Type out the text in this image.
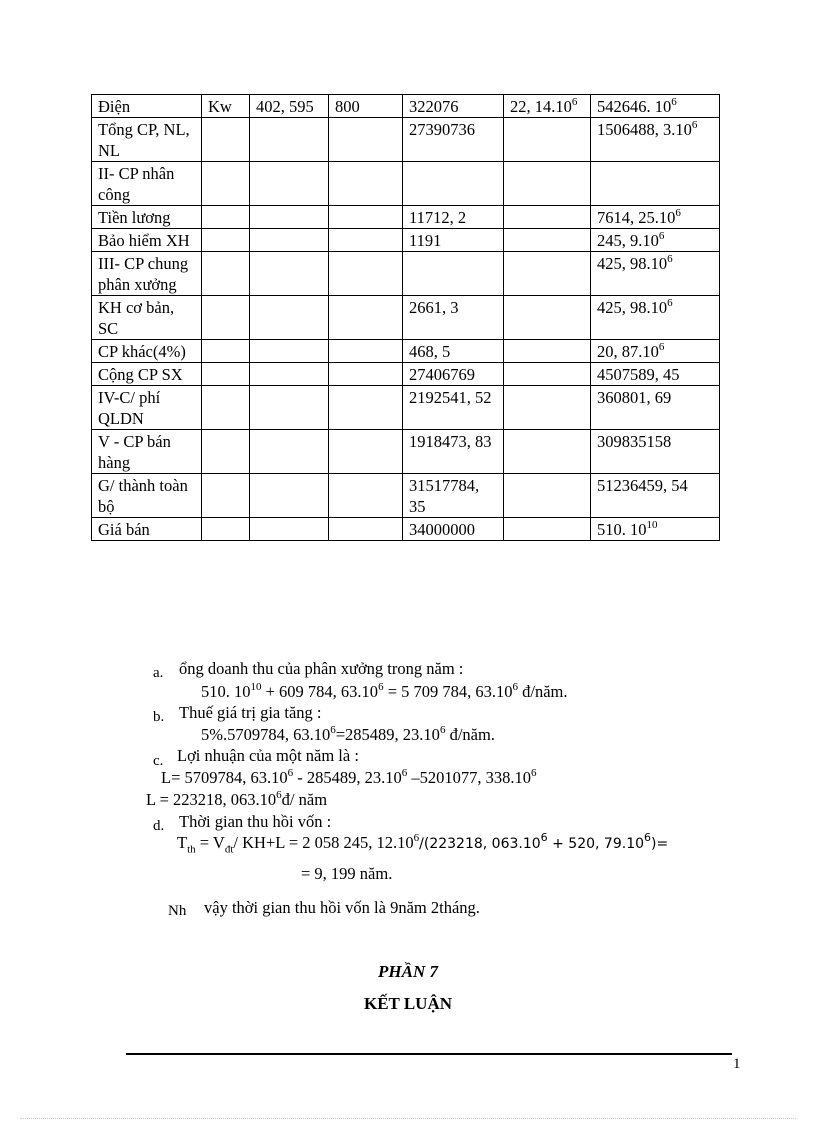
Điện	Kw	402, 595	800	322076	22, 14.10$^6$	542646. $10^6$
Tổng CP, NL, NL				27390736		1506488, 3.10$^6$
II- CP nhân công						
Tiền lương				11712, 2		7614, 25.10$^6$
Bảo hiểm XH				1191		245, 9.10$^6$
III- CP chung phân xưởng						425, 98.10$^6$
KH cơ bản, SC				2661, 3		425, 98.10$^6$
CP khác(4%)				468, 5		20, 87.10$^6$
Cộng CP SX				27406769		4507589, 45
IV-C/ phí QLDN				2192541, 52		360801, 69
V - CP bán hàng				1918473, 83		309835158
G/ thành toàn bộ				31517784, 35		51236459, 54
Giá bán				34000000		510. $10^{10}$
a. ổng doanh thu của phân xưởng trong năm :
510. $10^{10} + 609$ 784, $63.10^6 = 5$ 709 784, 63.10$^6$ đ/năm.
b. Thuế giá trị gia tăng :
5%.5709784, $63.10^6=285489$, 23.10$^6$ đ/năm.
c. Lợi nhuận của một năm là :
L= 5709784, 63.10$^6$ - 285489, 23.10$^6$ –5201077, 338.10$^6$
L = 223218, 063.10$^6$đ/ năm
d. Thời gian thu hồi vốn :
$T_{th} = V_{đt}/$ KH+L = 2 058 245, 12.10$^6$/(223218, $063.10^6 + 520$, $79.10^6)=$
= 9, 199 năm.
Nh vậy thời gian thu hồi vốn là 9năm 2tháng.
PHẦN 7
KẾT LUẬN
1
